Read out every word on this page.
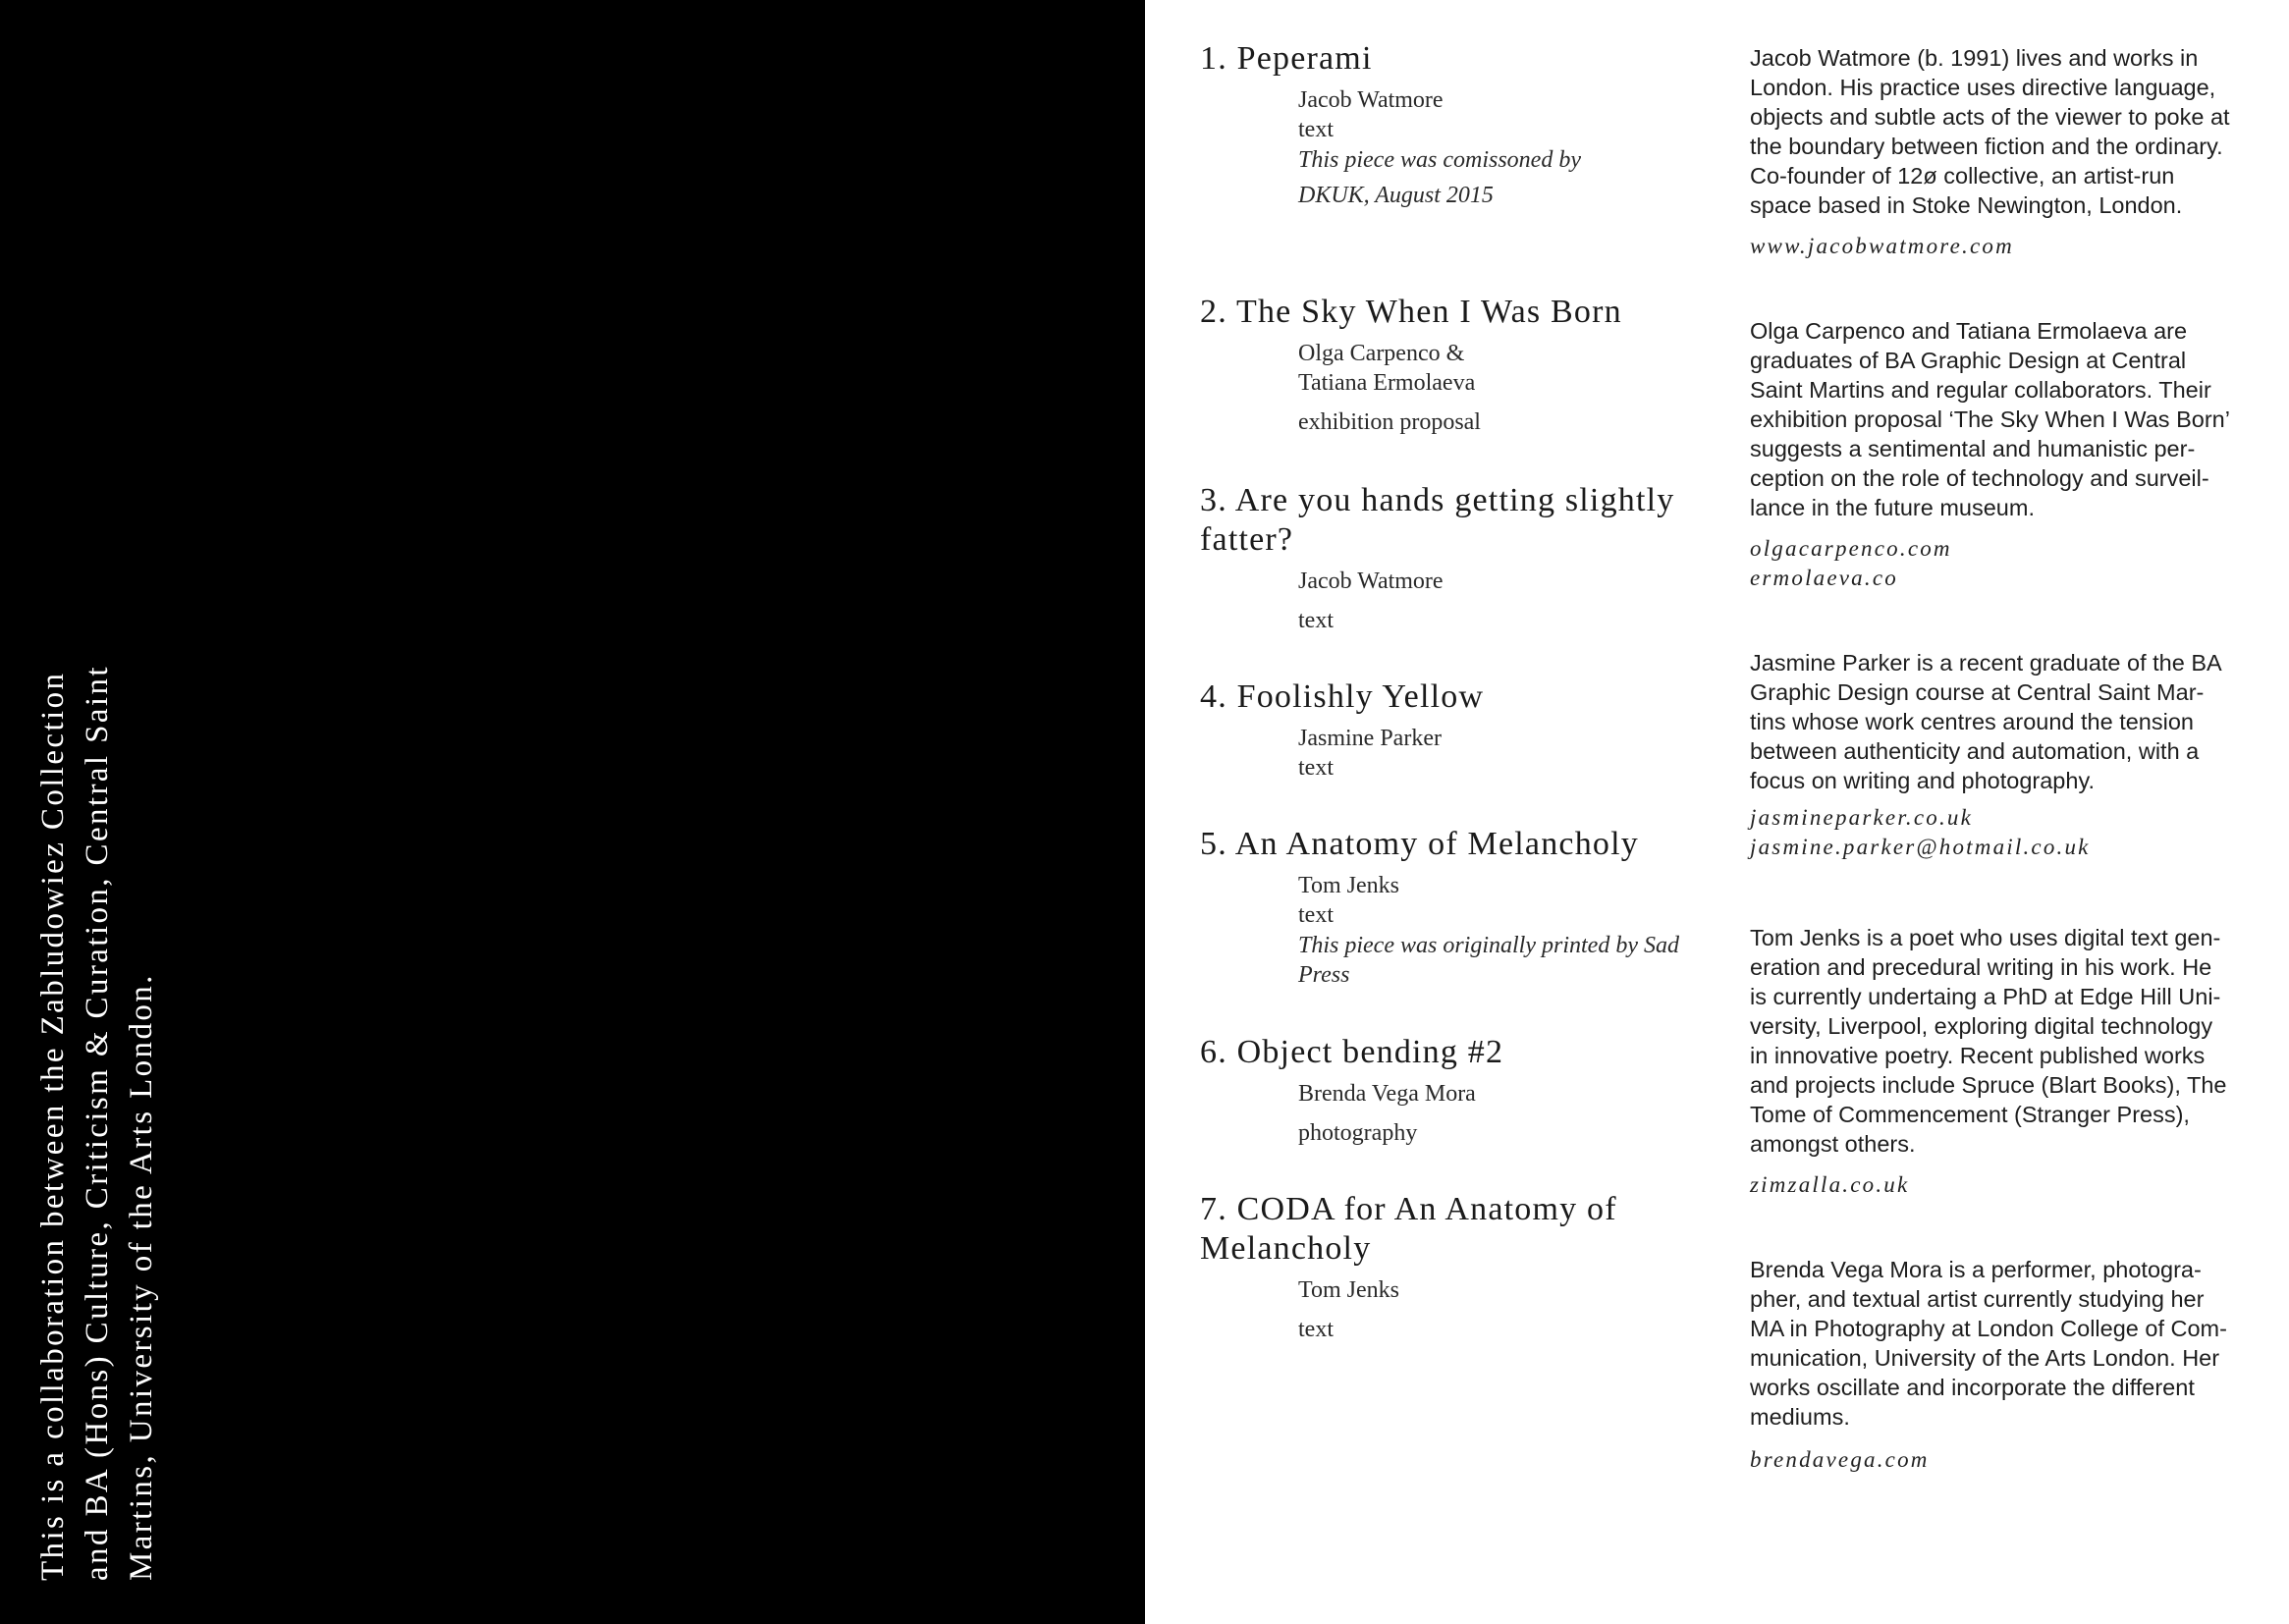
This is a collaboration between the Zabludowiez Collection and BA (Hons) Culture, Criticism & Curation, Central Saint Martins, University of the Arts London.
1. Peperami
Jacob Watmore
text
This piece was comissoned by
DKUK, August 2015
2. The Sky When I Was Born
Olga Carpenco &
Tatiana Ermolaeva
exhibition proposal
3. Are you hands getting slightly
fatter?
Jacob Watmore
text
4. Foolishly Yellow
Jasmine Parker
text
5. An Anatomy of Melancholy
Tom Jenks
text
This piece was originally printed by Sad
Press
6. Object bending #2
Brenda Vega Mora
photography
7. CODA for An Anatomy of
Melancholy
Tom Jenks
text
Jacob Watmore (b. 1991) lives and works in
London. His practice uses directive language,
objects and subtle acts of the viewer to poke at
the boundary between fiction and the ordinary.
Co-founder of 12ø collective, an artist-run
space based in Stoke Newington, London.
www.jacobwatmore.com
Olga Carpenco and Tatiana Ermolaeva are
graduates of BA Graphic Design at Central
Saint Martins and regular collaborators. Their
exhibition proposal ‘The Sky When I Was Born’
suggests a sentimental and humanistic per-
ception on the role of technology and surveil-
lance in the future museum.
olgacarpenco.com
ermolaeva.co
Jasmine Parker is a recent graduate of the BA
Graphic Design course at Central Saint Mar-
tins whose work centres around the tension
between authenticity and automation, with a
focus on writing and photography.
jasmineparker.co.uk
jasmine.parker@hotmail.co.uk
Tom Jenks is a poet who uses digital text gen-
eration and precedural writing in his work. He
is currently undertaing a PhD at Edge Hill Uni-
versity, Liverpool, exploring digital technology
in innovative poetry. Recent published works
and projects include Spruce (Blart Books), The
Tome of Commencement (Stranger Press),
amongst others.
zimzalla.co.uk
Brenda Vega Mora is a performer, photogra-
pher, and textual artist currently studying her
MA in Photography at London College of Com-
munication, University of the Arts London. Her
works oscillate and incorporate the different
mediums.
brendavega.com
